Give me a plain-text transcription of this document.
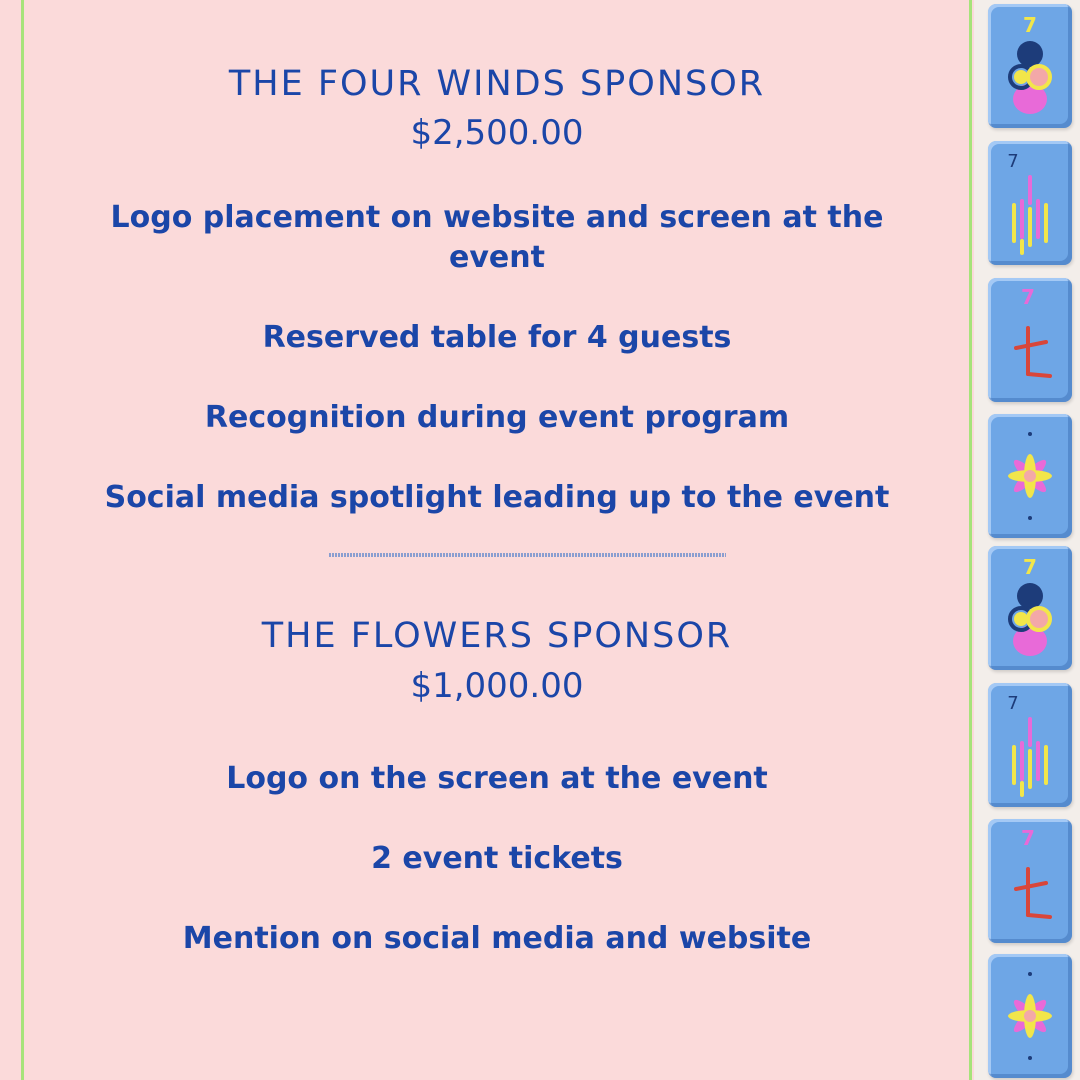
THE FOUR WINDS SPONSOR
$2,500.00
Logo placement on website and screen at the event
Reserved table for 4 guests
Recognition during event program
Social media spotlight leading up to the event
THE FLOWERS SPONSOR
$1,000.00
Logo on the screen at the event
2 event tickets
Mention on social media and website
7
7
7
7
7
7
